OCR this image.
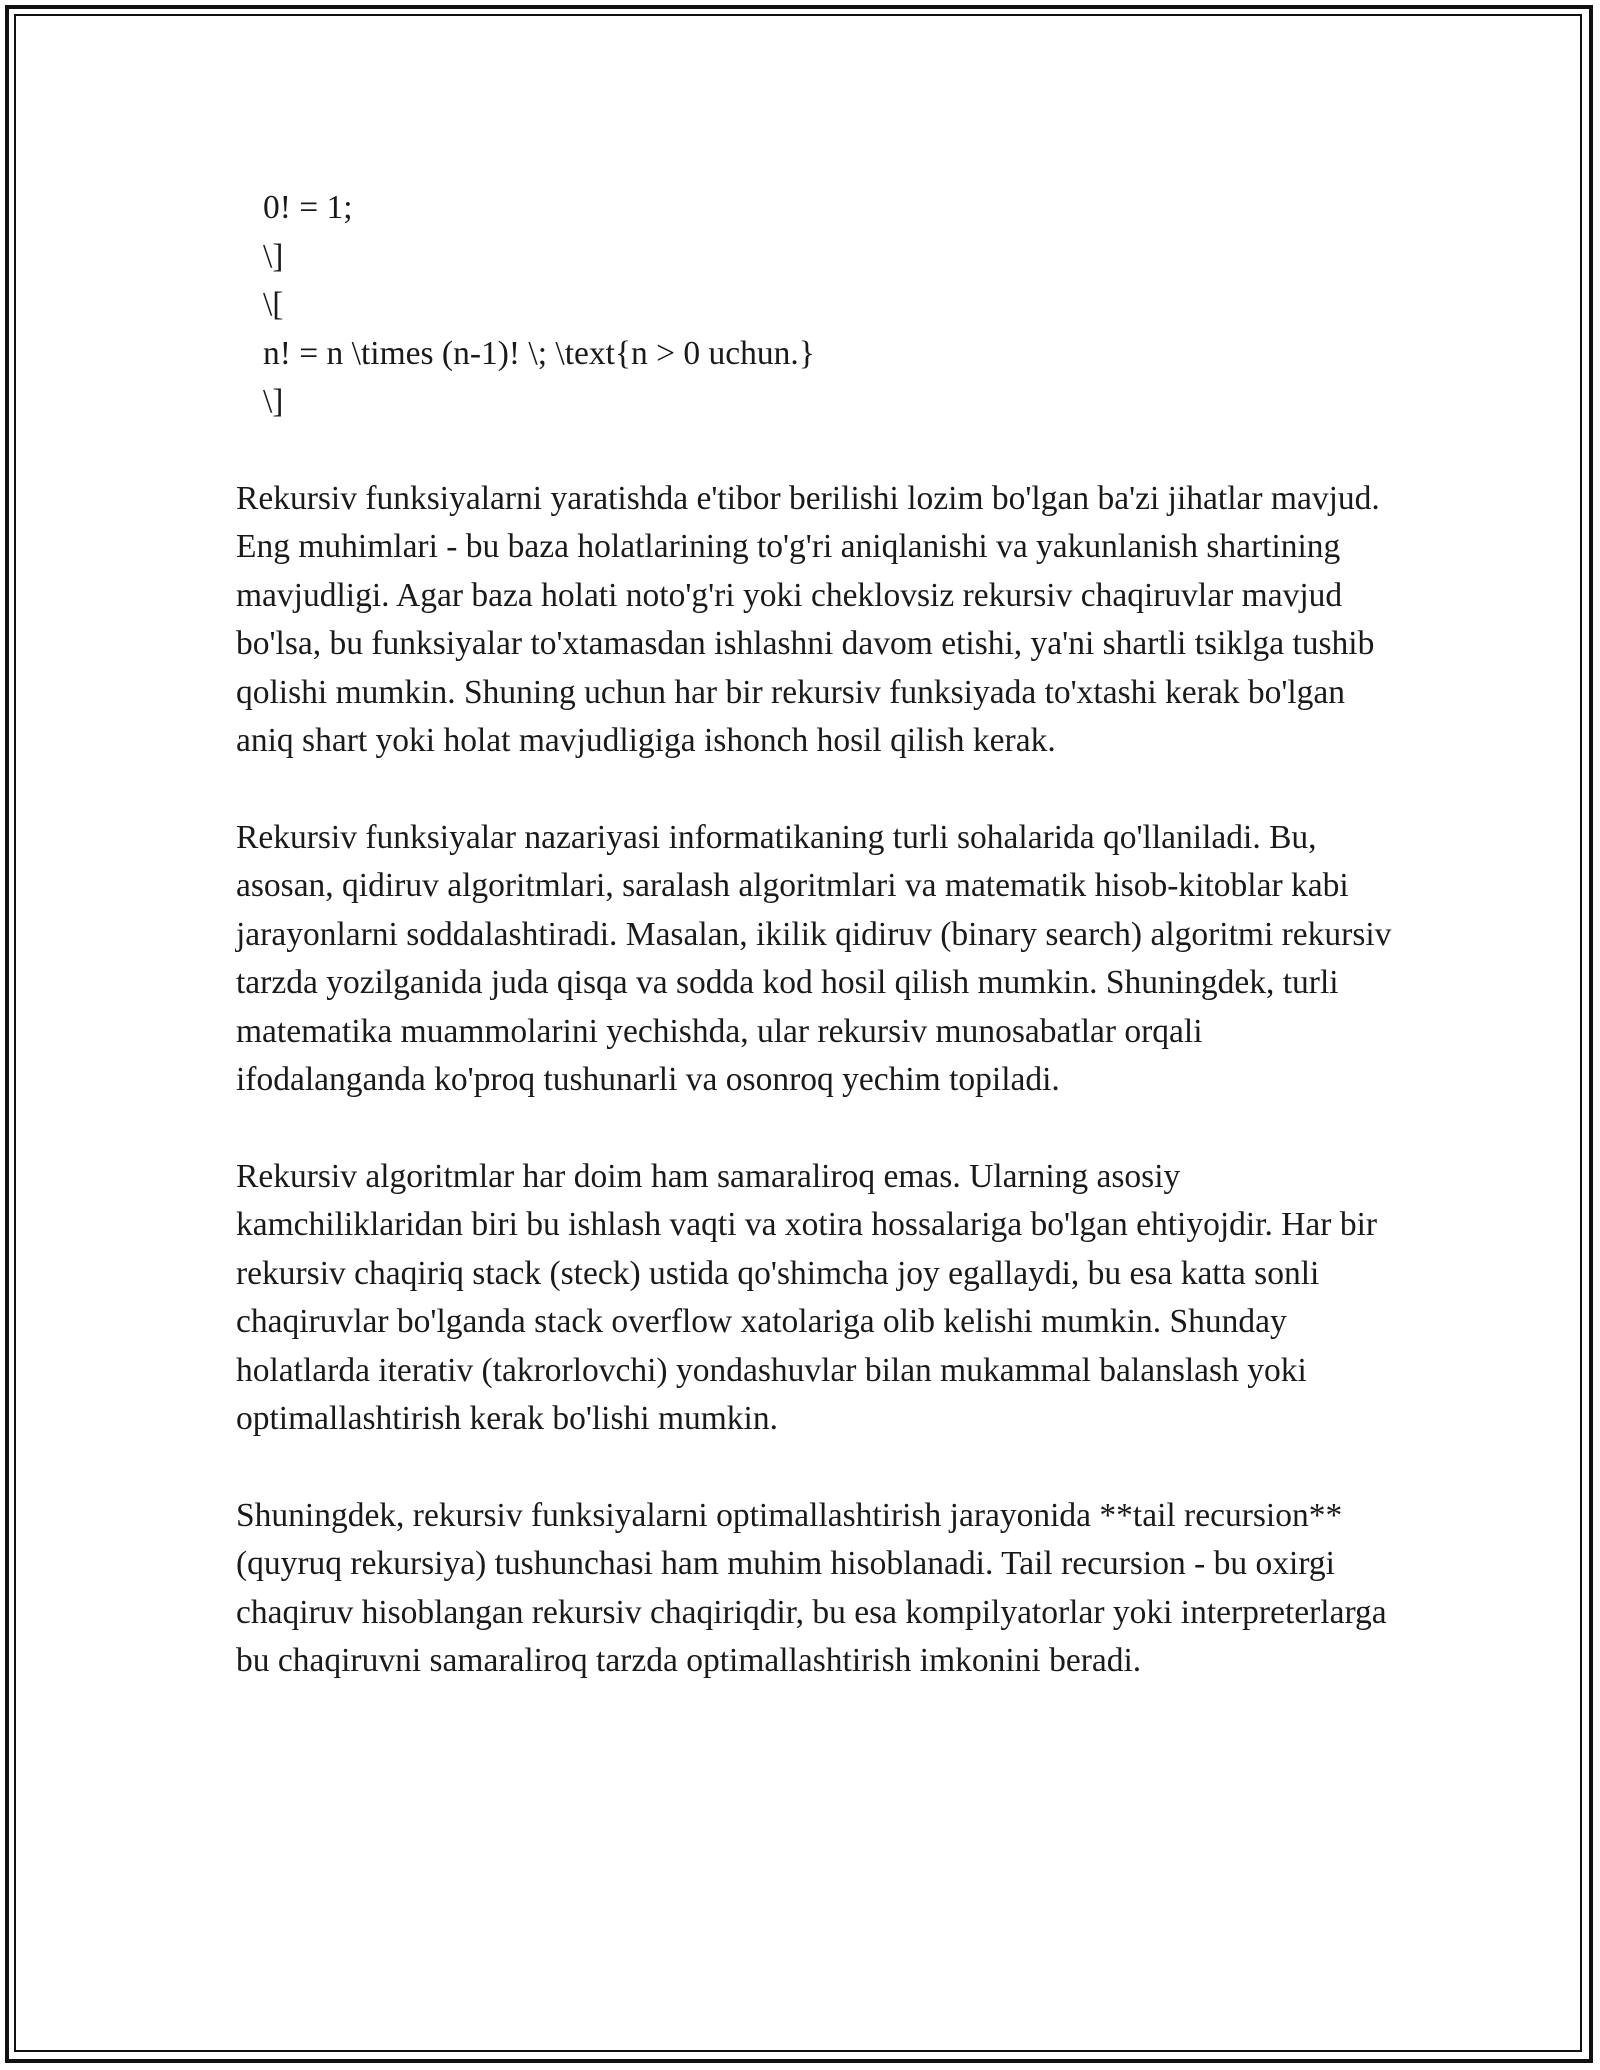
0! = 1;
\]
\[
n! = n \times (n-1)! \; \text{n > 0 uchun.}
\]

Rekursiv funksiyalarni yaratishda e'tibor berilishi lozim bo'lgan ba'zi jihatlar mavjud. Eng muhimlari - bu baza holatlarining to'g'ri aniqlanishi va yakunlanish shartining mavjudligi. Agar baza holati noto'g'ri yoki cheklovsiz rekursiv chaqiruvlar mavjud bo'lsa, bu funksiyalar to'xtamasdan ishlashni davom etishi, ya'ni shartli tsiklga tushib qolishi mumkin. Shuning uchun har bir rekursiv funksiyada to'xtashi kerak bo'lgan aniq shart yoki holat mavjudligiga ishonch hosil qilish kerak.

Rekursiv funksiyalar nazariyasi informatikaning turli sohalarida qo'llaniladi. Bu, asosan, qidiruv algoritmlari, saralash algoritmlari va matematik hisob-kitoblar kabi jarayonlarni soddalashtiradi. Masalan, ikilik qidiruv (binary search) algoritmi rekursiv tarzda yozilganida juda qisqa va sodda kod hosil qilish mumkin. Shuningdek, turli matematika muammolarini yechishda, ular rekursiv munosabatlar orqali ifodalanganda ko'proq tushunarli va osonroq yechim topiladi.

Rekursiv algoritmlar har doim ham samaraliroq emas. Ularning asosiy kamchiliklaridan biri bu ishlash vaqti va xotira hossalariga bo'lgan ehtiyojdir. Har bir rekursiv chaqiriq stack (steck) ustida qo'shimcha joy egallaydi, bu esa katta sonli chaqiruvlar bo'lganda stack overflow xatolariga olib kelishi mumkin. Shunday holatlarda iterativ (takrorlovchi) yondashuvlar bilan mukammal balanslash yoki optimallashtirish kerak bo'lishi mumkin.

Shuningdek, rekursiv funksiyalarni optimallashtirish jarayonida **tail recursion** (quyruq rekursiya) tushunchasi ham muhim hisoblanadi. Tail recursion - bu oxirgi chaqiruv hisoblangan rekursiv chaqiriqdir, bu esa kompilyatorlar yoki interpreterlarga bu chaqiruvni samaraliroq tarzda optimallashtirish imkonini beradi.
